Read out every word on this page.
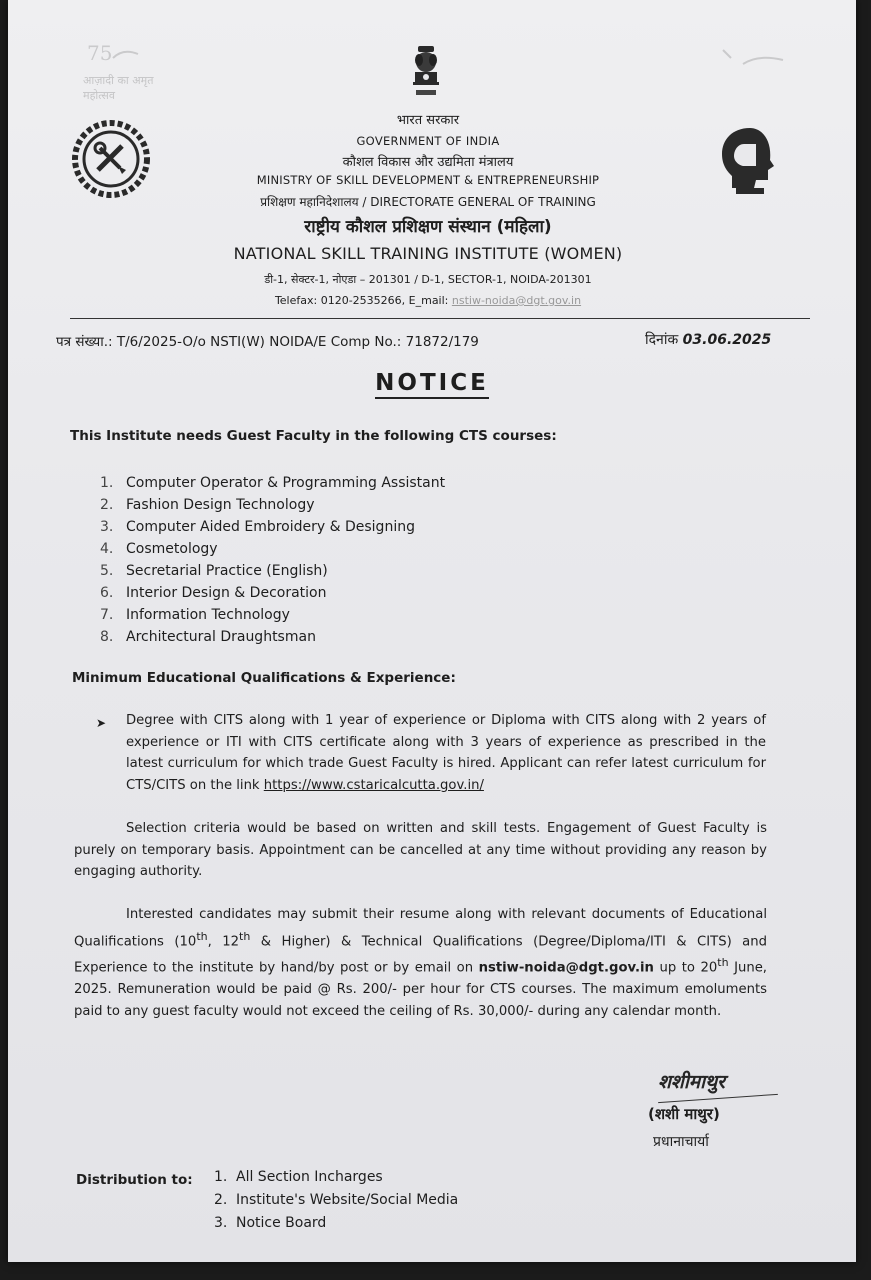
75
आज़ादी का अमृत महोत्सव
भारत सरकार
GOVERNMENT OF INDIA
कौशल विकास और उद्यमिता मंत्रालय
MINISTRY OF SKILL DEVELOPMENT & ENTREPRENEURSHIP
प्रशिक्षण महानिदेशालय / DIRECTORATE GENERAL OF TRAINING
राष्ट्रीय कौशल प्रशिक्षण संस्थान (महिला)
NATIONAL SKILL TRAINING INSTITUTE (WOMEN)
डी-1, सेक्टर-1, नोएडा – 201301 / D-1, SECTOR-1, NOIDA-201301
Telefax: 0120-2535266, E_mail: nstiw-noida@dgt.gov.in
पत्र संख्या.: T/6/2025-O/o NSTI(W) NOIDA/E Comp No.: 71872/179	दिनांक 03.06.2025
NOTICE
This Institute needs Guest Faculty in the following CTS courses:
1. Computer Operator & Programming Assistant
2. Fashion Design Technology
3. Computer Aided Embroidery & Designing
4. Cosmetology
5. Secretarial Practice (English)
6. Interior Design & Decoration
7. Information Technology
8. Architectural Draughtsman
Minimum Educational Qualifications & Experience:
➤ Degree with CITS along with 1 year of experience or Diploma with CITS along with 2 years of experience or ITI with CITS certificate along with 3 years of experience as prescribed in the latest curriculum for which trade Guest Faculty is hired. Applicant can refer latest curriculum for CTS/CITS on the link https://www.cstaricalcutta.gov.in/
Selection criteria would be based on written and skill tests. Engagement of Guest Faculty is purely on temporary basis. Appointment can be cancelled at any time without providing any reason by engaging authority.
Interested candidates may submit their resume along with relevant documents of Educational Qualifications (10th, 12th & Higher) & Technical Qualifications (Degree/Diploma/ITI & CITS) and Experience to the institute by hand/by post or by email on nstiw-noida@dgt.gov.in up to 20th June, 2025. Remuneration would be paid @ Rs. 200/- per hour for CTS courses. The maximum emoluments paid to any guest faculty would not exceed the ceiling of Rs. 30,000/- during any calendar month.
शशीमाथुर
(शशी माथुर)
प्रधानाचार्या
Distribution to: 1. All Section Incharges
2. Institute's Website/Social Media
3. Notice Board
